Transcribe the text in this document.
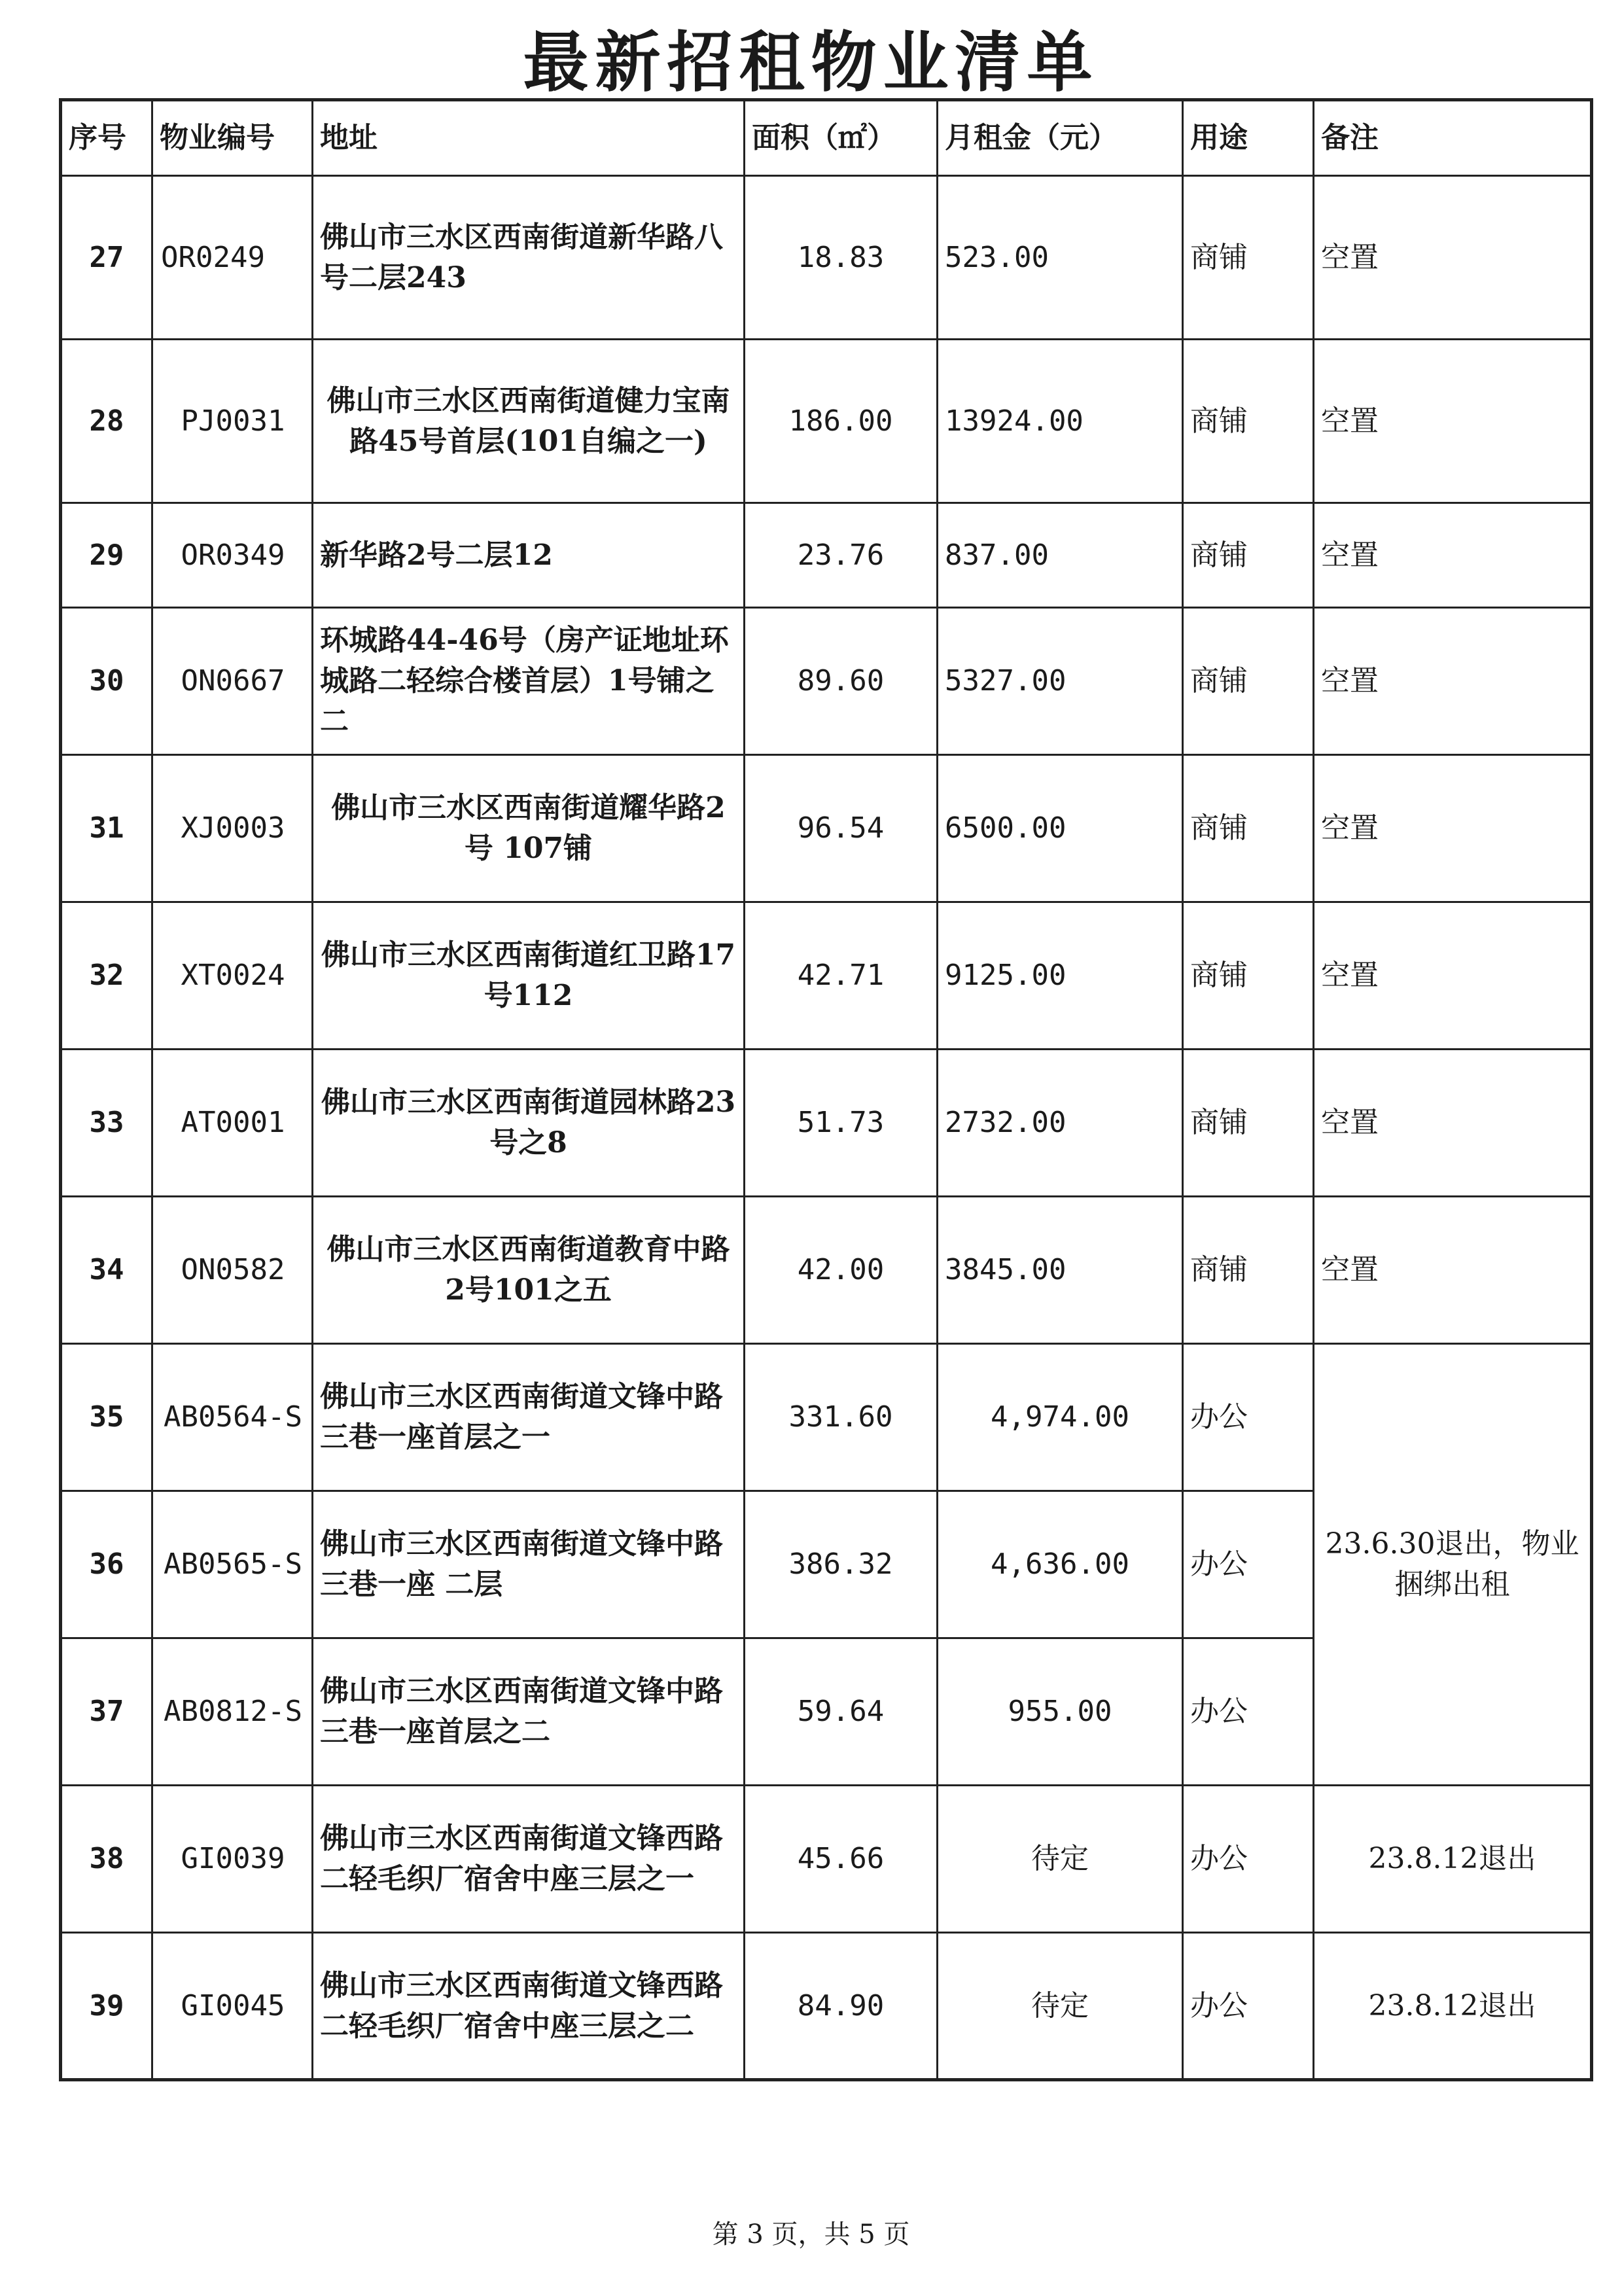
最新招租物业清单
序号	物业编号	地址	面积（㎡）	月租金（元）	用途	备注
27	OR0249	佛山市三水区西南街道新华路八号二层243	18.83	523.00	商铺	空置
28	PJ0031	佛山市三水区西南街道健力宝南路45号首层(101自编之一)	186.00	13924.00	商铺	空置
29	OR0349	新华路2号二层12	23.76	837.00	商铺	空置
30	ON0667	环城路44-46号（房产证地址环城路二轻综合楼首层）1号铺之二	89.60	5327.00	商铺	空置
31	XJ0003	佛山市三水区西南街道耀华路2号 107铺	96.54	6500.00	商铺	空置
32	XT0024	佛山市三水区西南街道红卫路17号112	42.71	9125.00	商铺	空置
33	AT0001	佛山市三水区西南街道园林路23号之8	51.73	2732.00	商铺	空置
34	ON0582	佛山市三水区西南街道教育中路2号101之五	42.00	3845.00	商铺	空置
35	AB0564-S	佛山市三水区西南街道文锋中路三巷一座首层之一	331.60	4,974.00	办公	23.6.30退出，物业捆绑出租
36	AB0565-S	佛山市三水区西南街道文锋中路三巷一座 二层	386.32	4,636.00	办公	
37	AB0812-S	佛山市三水区西南街道文锋中路三巷一座首层之二	59.64	955.00	办公	
38	GI0039	佛山市三水区西南街道文锋西路二轻毛织厂宿舍中座三层之一	45.66	待定	办公	23.8.12退出
39	GI0045	佛山市三水区西南街道文锋西路二轻毛织厂宿舍中座三层之二	84.90	待定	办公	23.8.12退出
第 3 页，共 5 页
